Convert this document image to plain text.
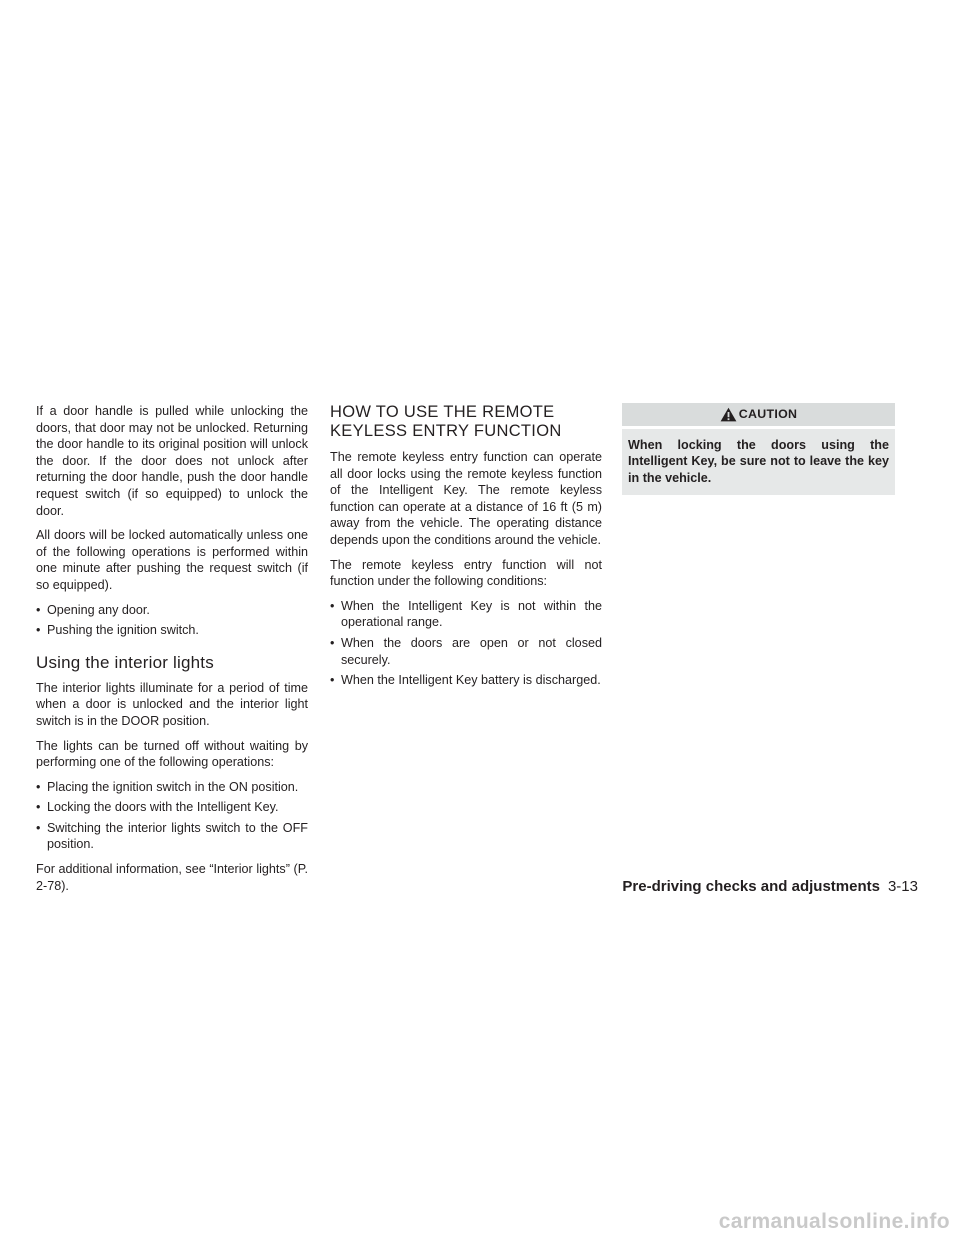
If a door handle is pulled while unlocking the doors, that door may not be unlocked. Returning the door handle to its original position will unlock the door. If the door does not unlock after returning the door handle, push the door handle request switch (if so equipped) to unlock the door.

All doors will be locked automatically unless one of the following operations is performed within one minute after pushing the request switch (if so equipped).

• Opening any door.
• Pushing the ignition switch.
Using the interior lights

The interior lights illuminate for a period of time when a door is unlocked and the interior light switch is in the DOOR position.

The lights can be turned off without waiting by performing one of the following operations:

• Placing the ignition switch in the ON position.
• Locking the doors with the Intelligent Key.
• Switching the interior lights switch to the OFF position.

For additional information, see “Interior lights” (P. 2-78).

HOW TO USE THE REMOTE
KEYLESS ENTRY FUNCTION

The remote keyless entry function can operate all door locks using the remote keyless function of the Intelligent Key. The remote keyless function can operate at a distance of 16 ft (5 m) away from the vehicle. The operating distance depends upon the conditions around the vehicle.

The remote keyless entry function will not function under the following conditions:

• When the Intelligent Key is not within the operational range.
• When the doors are open or not closed securely.
• When the Intelligent Key battery is discharged.
CAUTION
When locking the doors using the Intelligent Key, be sure not to leave the key in the vehicle.
Pre-driving checks and adjustments 3-13
carmanualsonline.info
